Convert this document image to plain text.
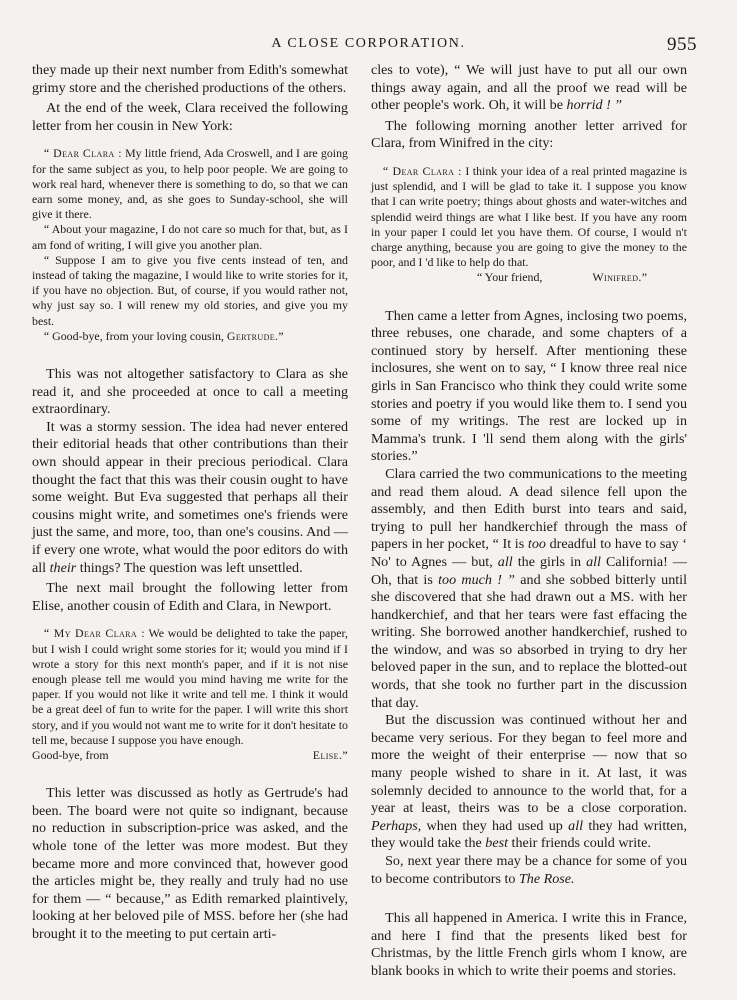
A CLOSE CORPORATION.	955

they made up their next number from Edith's somewhat grimy store and the cherished productions of the others.

At the end of the week, Clara received the following letter from her cousin in New York:

“ Dear Clara : My little friend, Ada Croswell, and I are going for the same subject as you, to help poor people. We are going to work real hard, whenever there is something to do, so that we can earn some money, and, as she goes to Sunday-school, she will give it there.

“ About your magazine, I do not care so much for that, but, as I am fond of writing, I will give you another plan.

“ Suppose I am to give you five cents instead of ten, and instead of taking the magazine, I would like to write stories for it, if you have no objection. But, of course, if you would rather not, why just say so. I will renew my old stories, and give you my best.

“ Good-bye, from your loving cousin, Gertrude.”

This was not altogether satisfactory to Clara as she read it, and she proceeded at once to call a meeting extraordinary.

It was a stormy session. The idea had never entered their editorial heads that other contributions than their own should appear in their precious periodical. Clara thought the fact that this was their cousin ought to have some weight. But Eva suggested that perhaps all their cousins might write, and sometimes one's friends were just the same, and more, too, than one's cousins. And — if every one wrote, what would the poor editors do with all their things? The question was left unsettled.

The next mail brought the following letter from Elise, another cousin of Edith and Clara, in Newport.

“ My Dear Clara : We would be delighted to take the paper, but I wish I could wright some stories for it; would you mind if I wrote a story for this next month's paper, and if it is not nise enough please tell me would you mind having me write for the paper. If you would not like it write and tell me. I think it would be a great deel of fun to write for the paper. I will write this short story, and if you would not want me to write for it don't hesitate to tell me, because I suppose you have enough.

Good-bye, from	Elise.”

This letter was discussed as hotly as Gertrude's had been. The board were not quite so indignant, because no reduction in subscription-price was asked, and the whole tone of the letter was more modest. But they became more and more convinced that, however good the articles might be, they really and truly had no use for them — “ because,” as Edith remarked plaintively, looking at her beloved pile of MSS. before her (she had brought it to the meeting to put certain arti-

cles to vote), “ We will just have to put all our own things away again, and all the proof we read will be other people's work. Oh, it will be horrid ! ”

The following morning another letter arrived for Clara, from Winifred in the city:

“ Dear Clara : I think your idea of a real printed magazine is just splendid, and I will be glad to take it. I suppose you know that I can write poetry; things about ghosts and water-witches and splendid weird things are what I like best. If you have any room in your paper I could let you have them. Of course, I would n't charge anything, because you are going to give the money to the poor, and I 'd like to help do that.

“ Your friend,	Winifred.”

Then came a letter from Agnes, inclosing two poems, three rebuses, one charade, and some chapters of a continued story by herself. After mentioning these inclosures, she went on to say, “ I know three real nice girls in San Francisco who think they could write some stories and poetry if you would like them to. I send you some of my writings. The rest are locked up in Mamma's trunk. I 'll send them along with the girls' stories.”

Clara carried the two communications to the meeting and read them aloud. A dead silence fell upon the assembly, and then Edith burst into tears and said, trying to pull her handkerchief through the mass of papers in her pocket, “ It is too dreadful to have to say ‘ No' to Agnes — but, all the girls in all California! — Oh, that is too much ! ” and she sobbed bitterly until she discovered that she had drawn out a MS. with her handkerchief, and that her tears were fast effacing the writing. She borrowed another handkerchief, rushed to the window, and was so absorbed in trying to dry her beloved paper in the sun, and to replace the blotted-out words, that she took no further part in the discussion that day.

But the discussion was continued without her and became very serious. For they began to feel more and more the weight of their enterprise — now that so many people wished to share in it. At last, it was solemnly decided to announce to the world that, for a year at least, theirs was to be a close corporation. Perhaps, when they had used up all they had written, they would take the best their friends could write.

So, next year there may be a chance for some of you to become contributors to The Rose.

This all happened in America. I write this in France, and here I find that the presents liked best for Christmas, by the little French girls whom I know, are blank books in which to write their poems and stories.
